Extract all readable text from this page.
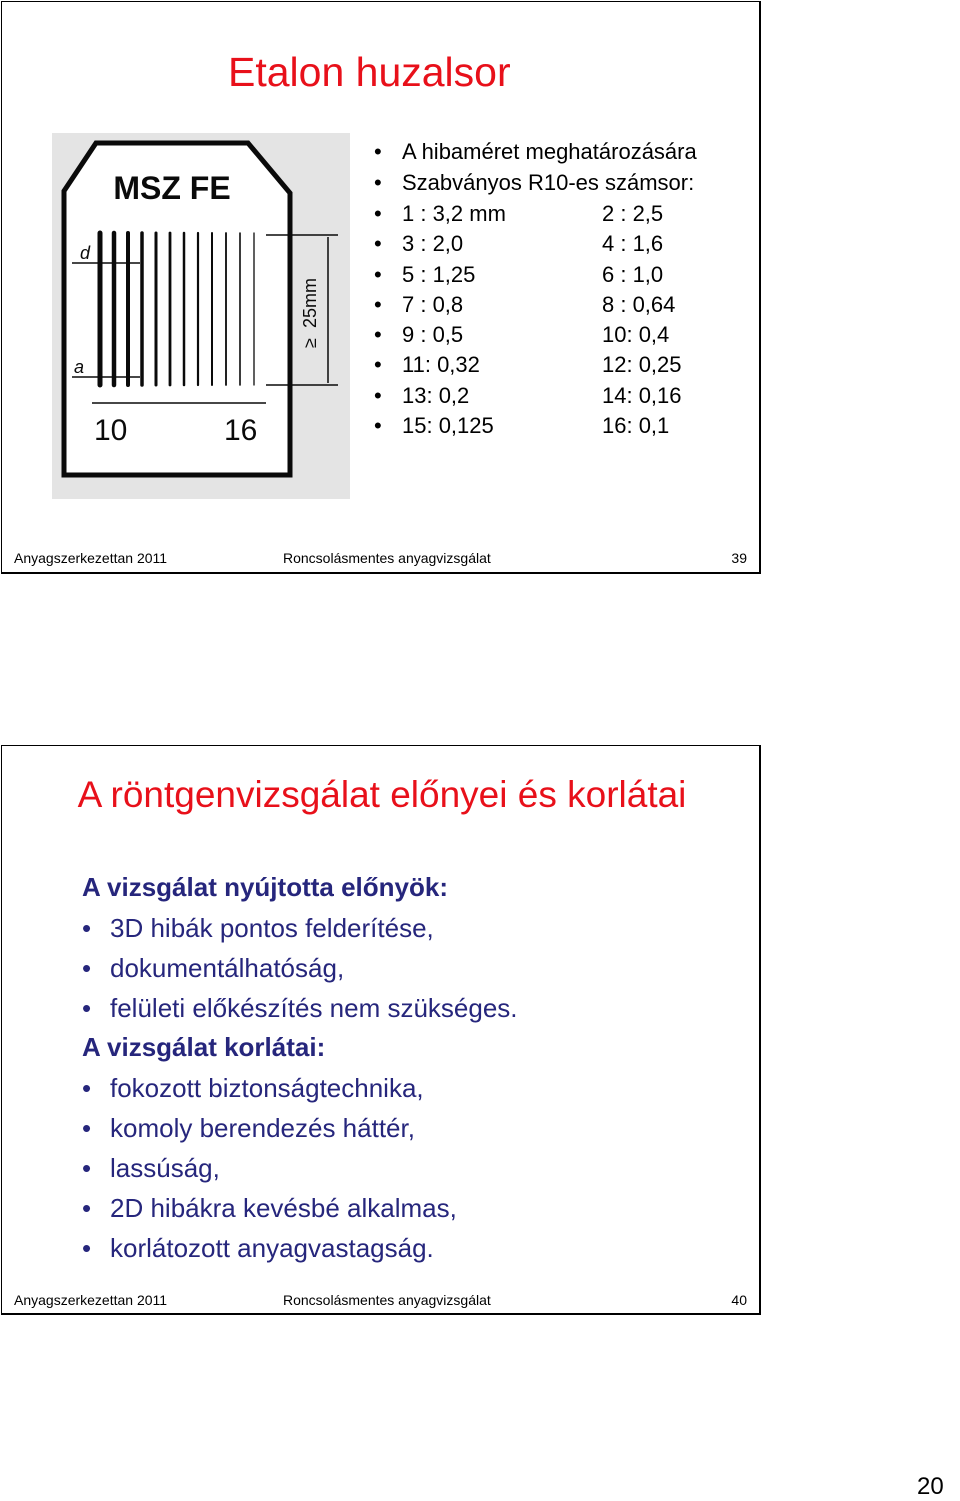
Etalon huzalsor
MSZ FE
d
a
25mm
≥
10	16
• A hibaméret meghatározására
• Szabványos R10-es számsor:
• 1 : 3,2 mm	2 : 2,5
• 3 : 2,0	4 : 1,6
• 5 : 1,25	6 : 1,0
• 7 : 0,8	8 : 0,64
• 9 : 0,5	10: 0,4
• 11: 0,32	12: 0,25
• 13: 0,2	14: 0,16
• 15: 0,125	16: 0,1
Anyagszerkezettan 2011	Roncsolásmentes anyagvizsgálat	39
A röntgenvizsgálat előnyei és korlátai
A vizsgálat nyújtotta előnyök:
• 3D hibák pontos felderítése,
• dokumentálhatóság,
• felületi előkészítés nem szükséges.
A vizsgálat korlátai:
• fokozott biztonságtechnika,
• komoly berendezés háttér,
• lassúság,
• 2D hibákra kevésbé alkalmas,
• korlátozott anyagvastagság.
Anyagszerkezettan 2011	Roncsolásmentes anyagvizsgálat	40
20
